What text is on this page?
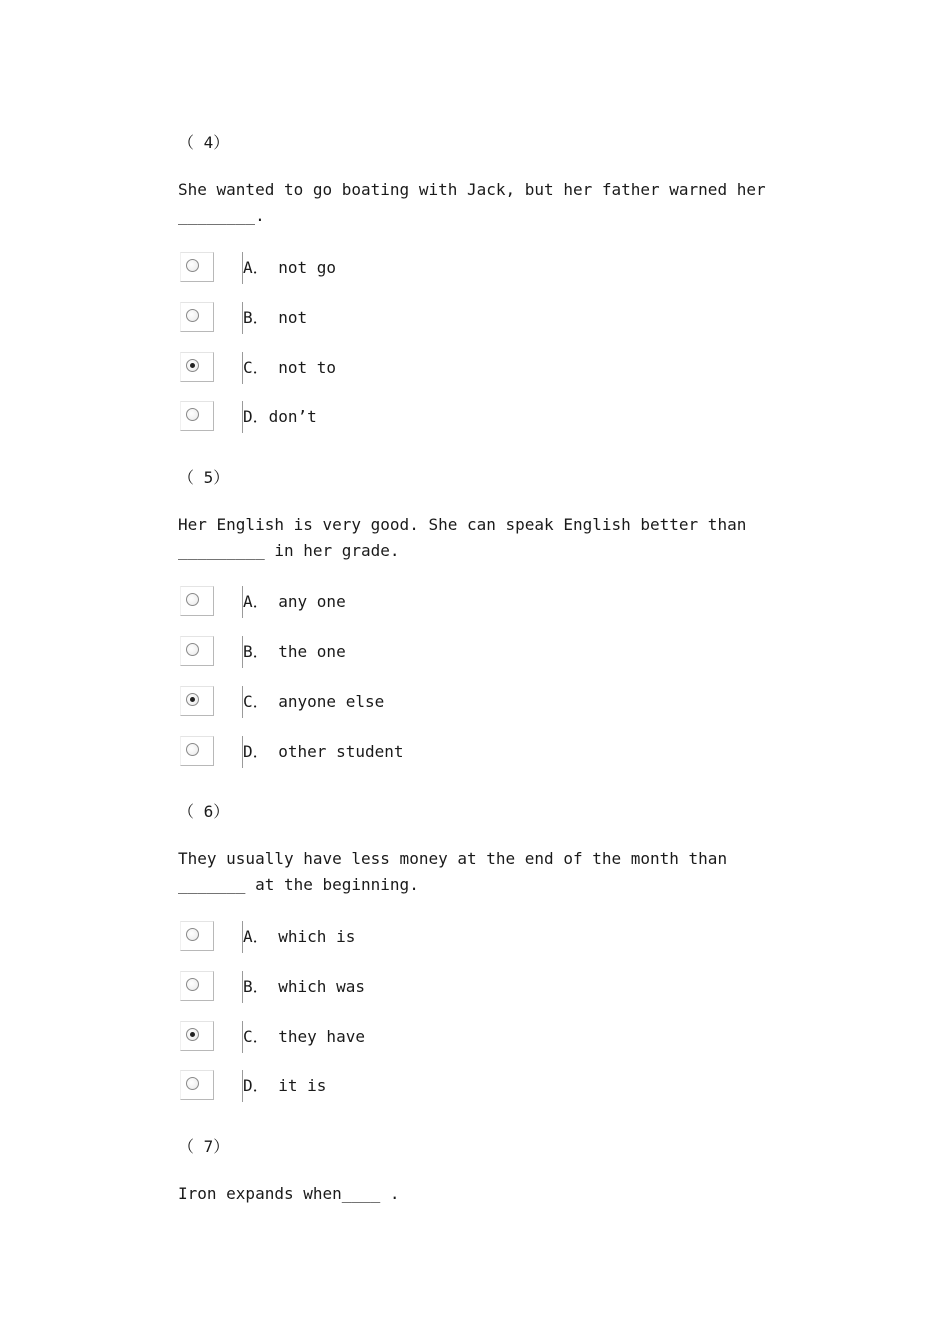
（ 4）
She wanted to go boating with Jack, but her father warned her ________.
A． not go
B． not
C． not to
D．don’t
（ 5）
Her English is very good. She can speak English better than _________ in her grade.
A． any one
B． the one
C． anyone else
D． other student
（ 6）
They usually have less money at the end of the month than _______ at the beginning.
A． which is
B． which was
C． they have
D． it is
（ 7）
Iron expands when____ .
